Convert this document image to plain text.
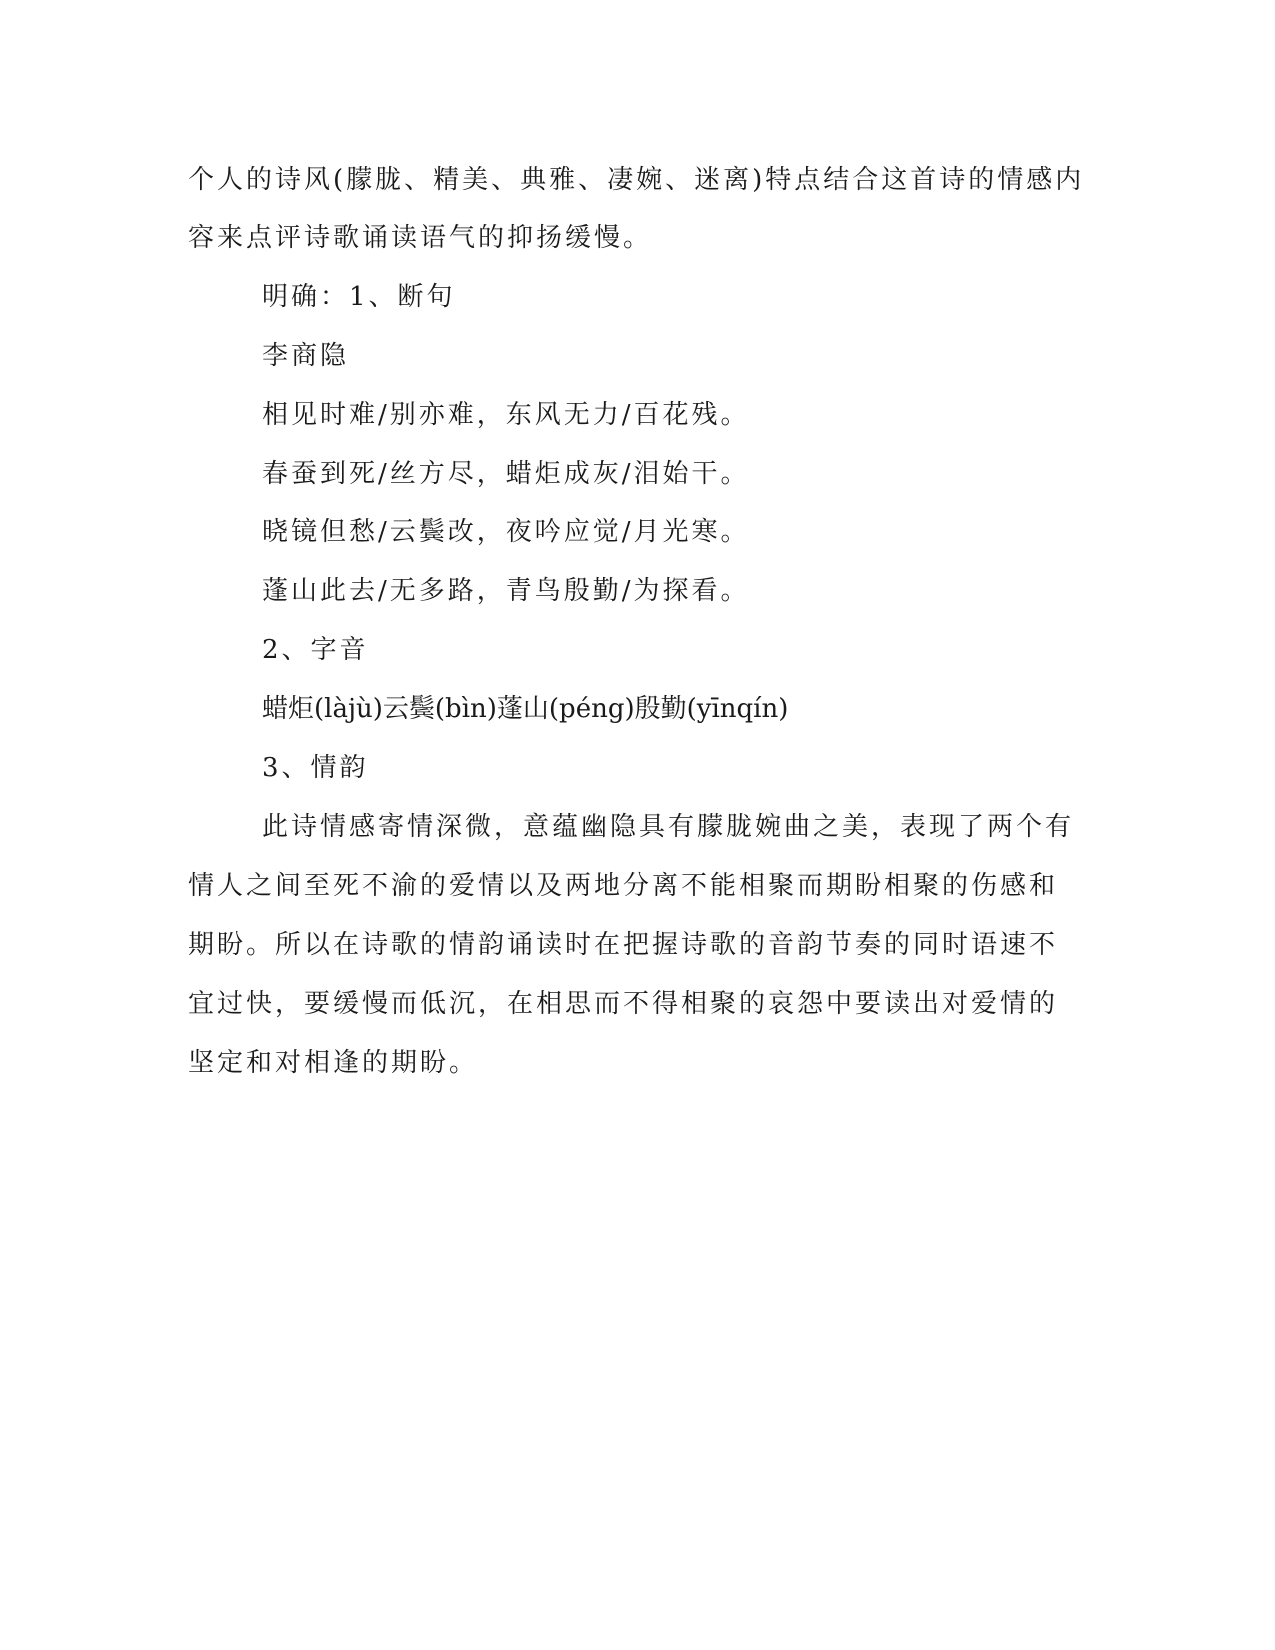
个人的诗风(朦胧、精美、典雅、凄婉、迷离)特点结合这首诗的情感内
容来点评诗歌诵读语气的抑扬缓慢。
明确：1、断句
李商隐
相见时难/别亦难，东风无力/百花残。
春蚕到死/丝方尽，蜡炬成灰/泪始干。
晓镜但愁/云鬓改，夜吟应觉/月光寒。
蓬山此去/无多路，青鸟殷勤/为探看。
2、字音
蜡炬(làjù)云鬓(bìn)蓬山(péng)殷勤(yīnqín)
3、情韵
此诗情感寄情深微，意蕴幽隐具有朦胧婉曲之美，表现了两个有
情人之间至死不渝的爱情以及两地分离不能相聚而期盼相聚的伤感和
期盼。所以在诗歌的情韵诵读时在把握诗歌的音韵节奏的同时语速不
宜过快，要缓慢而低沉，在相思而不得相聚的哀怨中要读出对爱情的
坚定和对相逢的期盼。
